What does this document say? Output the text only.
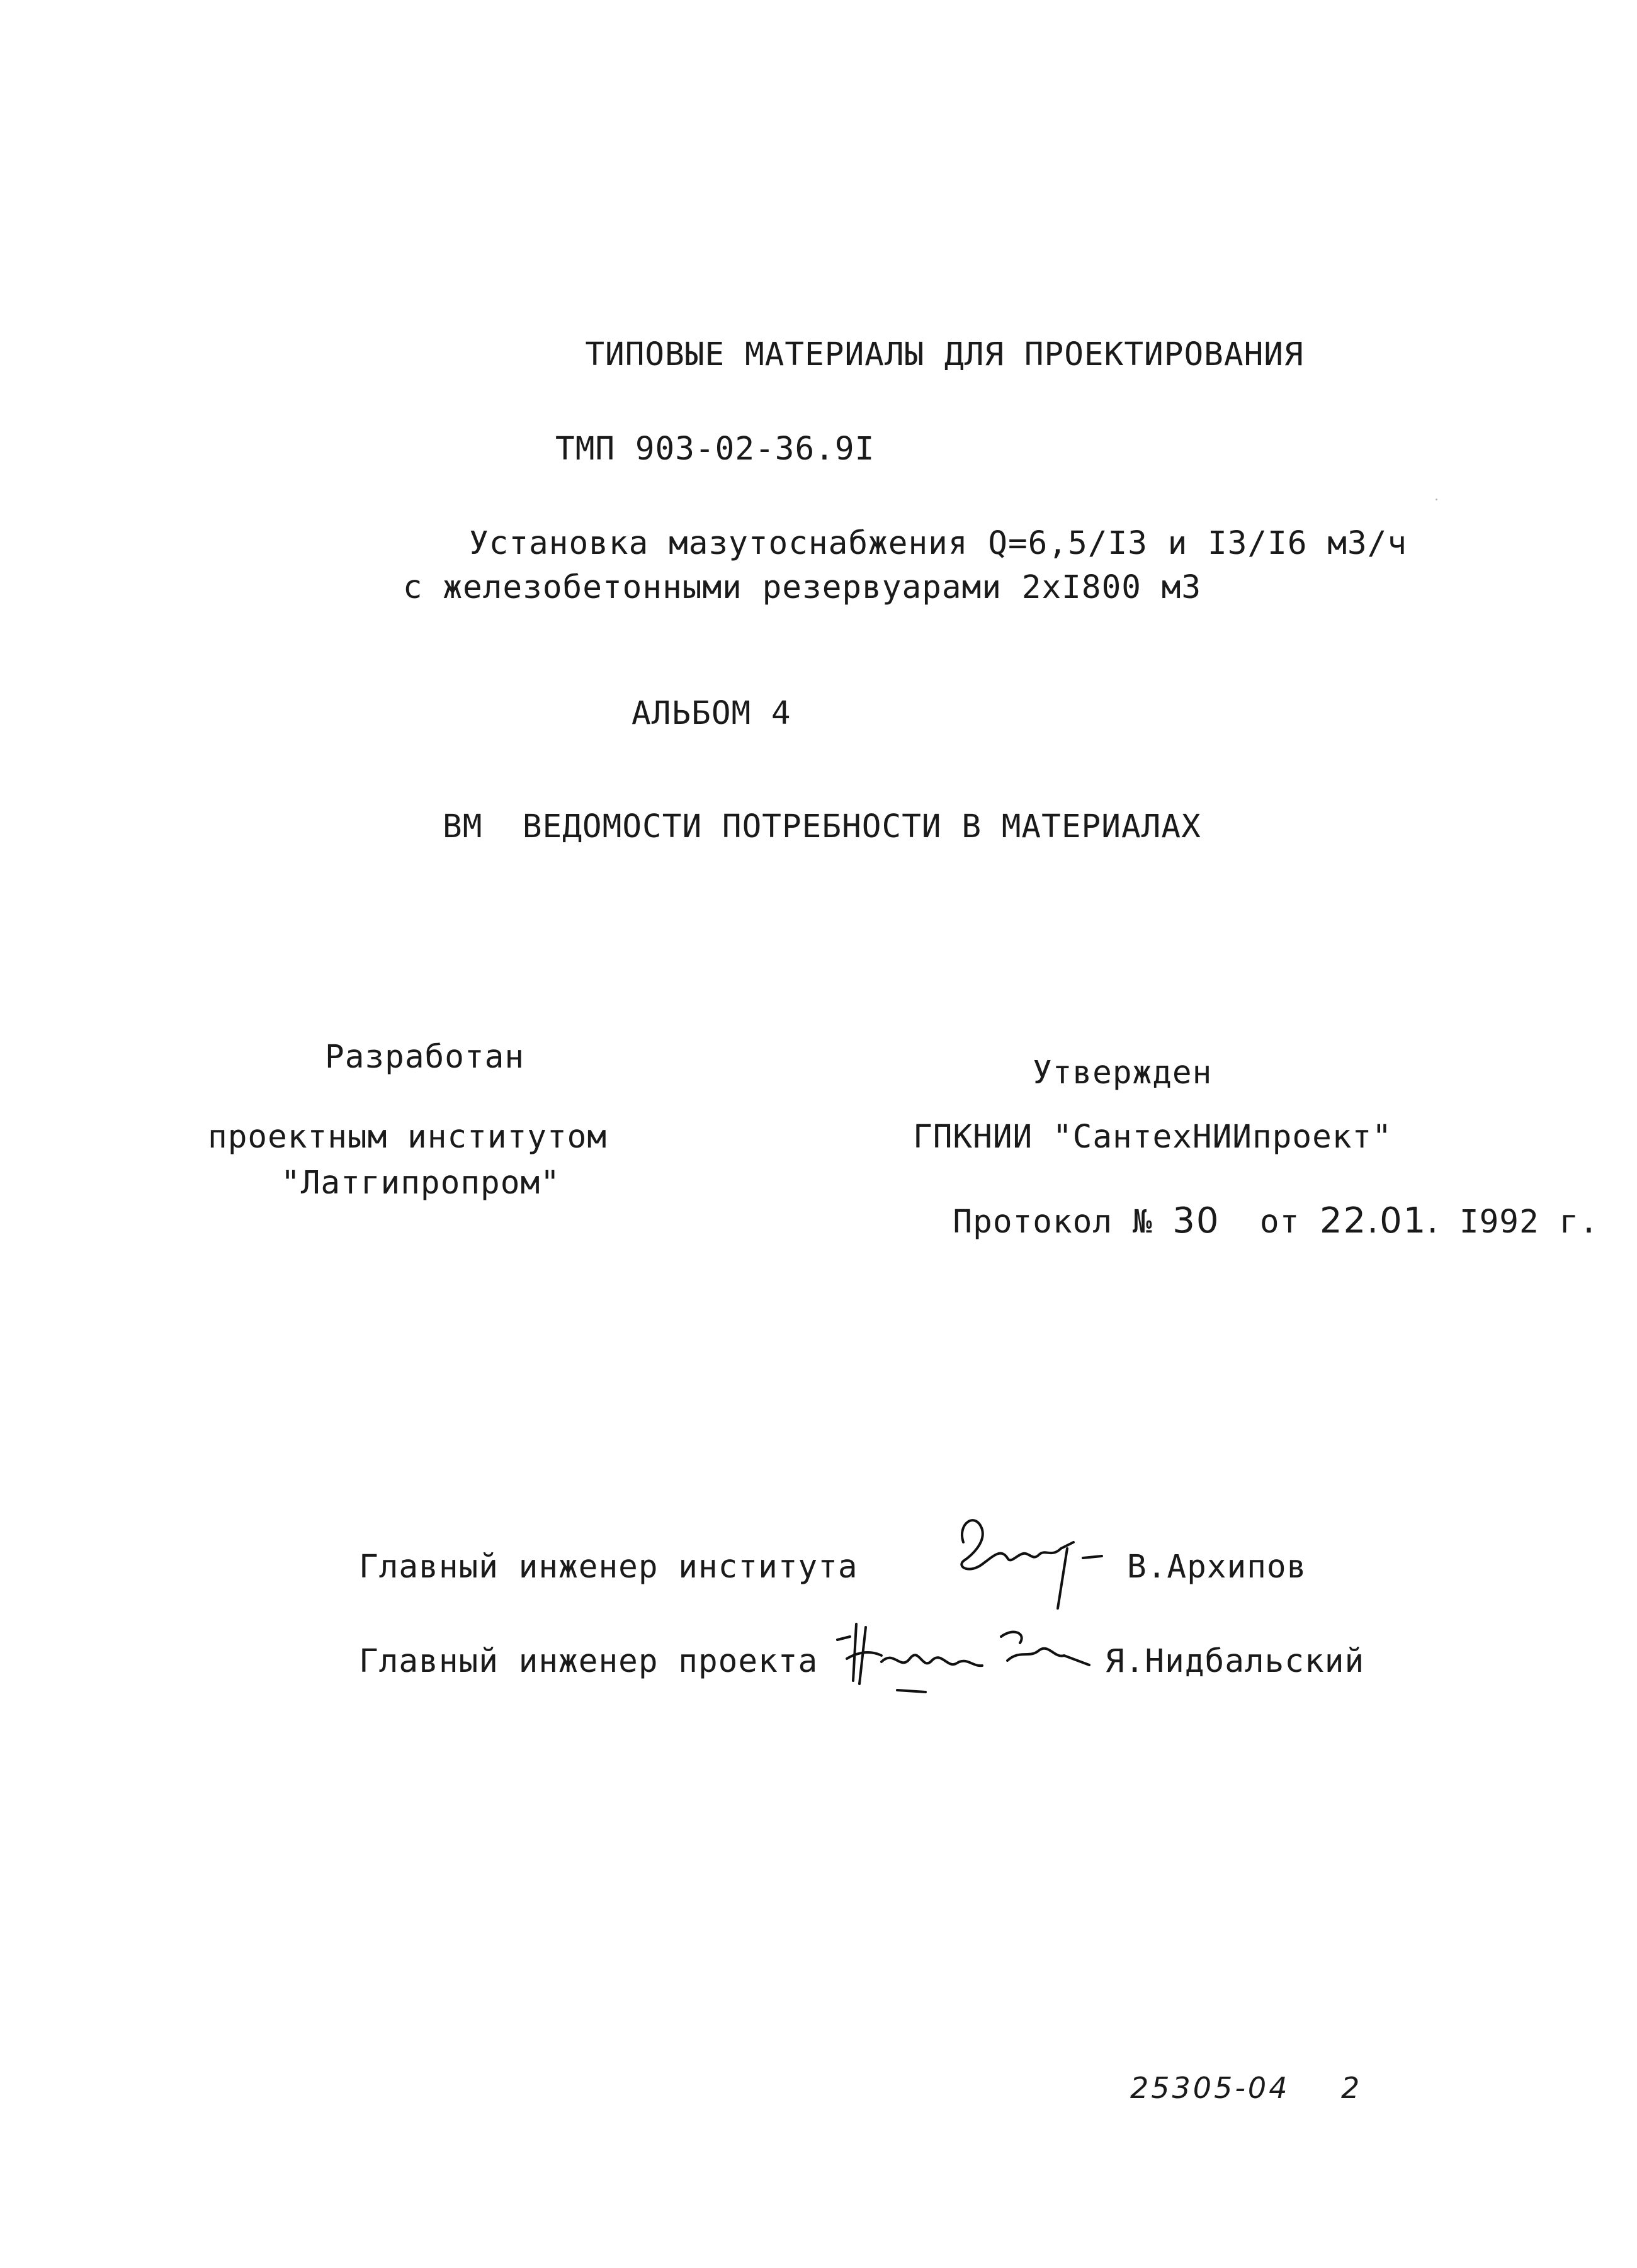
ТИПОВЫЕ МАТЕРИАЛЫ ДЛЯ ПРОЕКТИРОВАНИЯ
ТМП 903-02-36.9I
Установка мазутоснабжения Q=6,5/I3 и I3/I6 м3/ч
с железобетонными резервуарами 2хI800 м3
АЛЬБОМ 4
ВМ  ВЕДОМОСТИ ПОТРЕБНОСТИ В МАТЕРИАЛАХ
Разработан
проектным институтом
"Латгипропром"
Утвержден
ГПКНИИ "СантехНИИпроект"

Протокол № 30 от 22.01. I992 г.

Главный инженер института	В.Архипов
Главный инженер проекта	Я.Нидбальский
25305-04 2
